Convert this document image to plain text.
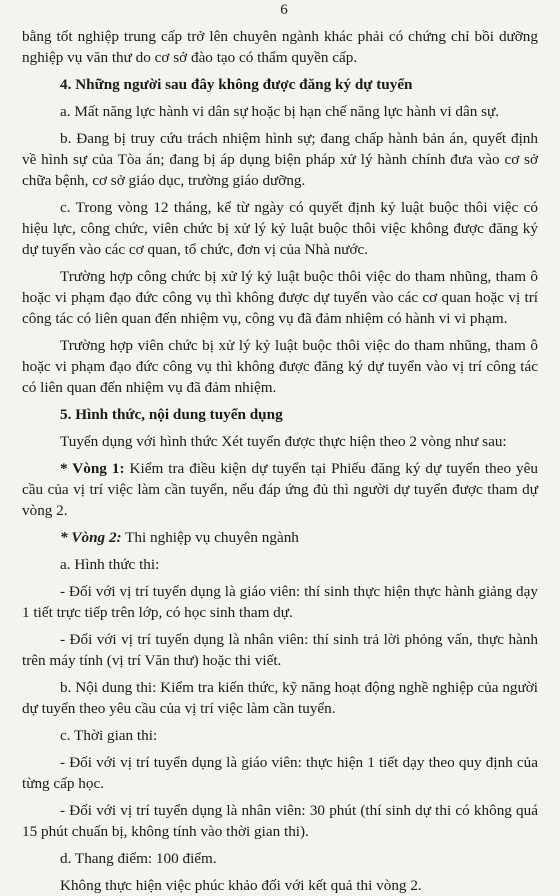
6

bằng tốt nghiệp trung cấp trở lên chuyên ngành khác phải có chứng chỉ bồi dưỡng nghiệp vụ văn thư do cơ sở đào tạo có thẩm quyền cấp.

4. Những người sau đây không được đăng ký dự tuyển

a. Mất năng lực hành vi dân sự hoặc bị hạn chế năng lực hành vi dân sự.

b. Đang bị truy cứu trách nhiệm hình sự; đang chấp hành bản án, quyết định về hình sự của Tòa án; đang bị áp dụng biện pháp xử lý hành chính đưa vào cơ sở chữa bệnh, cơ sở giáo dục, trường giáo dưỡng.

c. Trong vòng 12 tháng, kể từ ngày có quyết định kỷ luật buộc thôi việc có hiệu lực, công chức, viên chức bị xử lý kỷ luật buộc thôi việc không được đăng ký dự tuyển vào các cơ quan, tổ chức, đơn vị của Nhà nước.

Trường hợp công chức bị xử lý kỷ luật buộc thôi việc do tham nhũng, tham ô hoặc vi phạm đạo đức công vụ thì không được dự tuyển vào các cơ quan hoặc vị trí công tác có liên quan đến nhiệm vụ, công vụ đã đảm nhiệm có hành vi vi phạm.

Trường hợp viên chức bị xử lý kỷ luật buộc thôi việc do tham nhũng, tham ô hoặc vi phạm đạo đức công vụ thì không được đăng ký dự tuyển vào vị trí công tác có liên quan đến nhiệm vụ đã đảm nhiệm.

5. Hình thức, nội dung tuyển dụng

Tuyển dụng với hình thức Xét tuyển được thực hiện theo 2 vòng như sau:

* Vòng 1: Kiểm tra điều kiện dự tuyển tại Phiếu đăng ký dự tuyển theo yêu cầu của vị trí việc làm cần tuyển, nếu đáp ứng đủ thì người dự tuyển được tham dự vòng 2.

* Vòng 2: Thi nghiệp vụ chuyên ngành

a. Hình thức thi:

- Đối với vị trí tuyển dụng là giáo viên: thí sinh thực hiện thực hành giảng dạy 1 tiết trực tiếp trên lớp, có học sinh tham dự.

- Đối với vị trí tuyển dụng là nhân viên: thí sinh trả lời phỏng vấn, thực hành trên máy tính (vị trí Văn thư) hoặc thi viết.

b. Nội dung thi: Kiểm tra kiến thức, kỹ năng hoạt động nghề nghiệp của người dự tuyển theo yêu cầu của vị trí việc làm cần tuyển.

c. Thời gian thi:

- Đối với vị trí tuyển dụng là giáo viên: thực hiện 1 tiết dạy theo quy định của từng cấp học.

- Đối với vị trí tuyển dụng là nhân viên: 30 phút (thí sinh dự thi có không quá 15 phút chuẩn bị, không tính vào thời gian thi).

d. Thang điểm: 100 điểm.

Không thực hiện việc phúc khảo đối với kết quả thi vòng 2.
